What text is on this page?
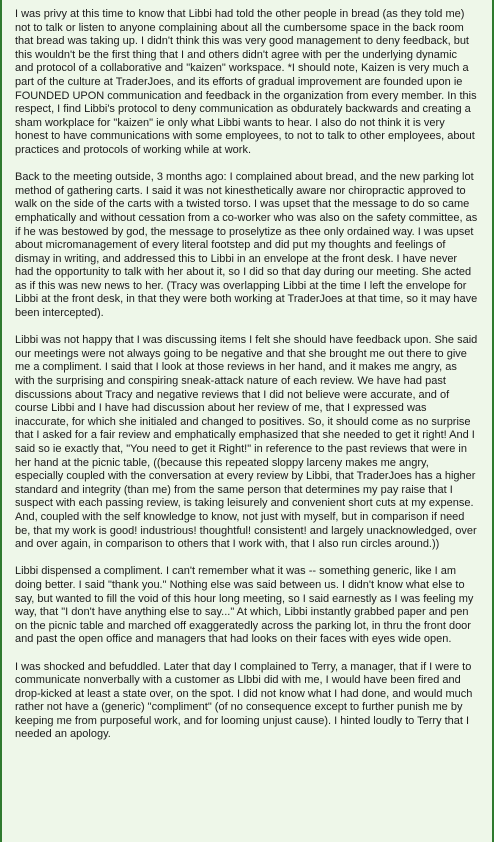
I was privy at this time to know that Libbi had told the other people in bread (as they told me) not to talk or listen to anyone complaining about all the cumbersome space in the back room that bread was taking up. I didn't think this was very good management to deny feedback, but this wouldn't be the first thing that I and others didn't agree with per the underlying dynamic and protocol of a collaborative and "kaizen" workspace. *I should note, Kaizen is very much a part of the culture at TraderJoes, and its efforts of gradual improvement are founded upon ie FOUNDED UPON communication and feedback in the organization from every member. In this respect, I find Libbi's protocol to deny communication as obdurately backwards and creating a sham workplace for "kaizen" ie only what Libbi wants to hear. I also do not think it is very honest to have communications with some employees, to not to talk to other employees, about practices and protocols of working while at work.

Back to the meeting outside, 3 months ago: I complained about bread, and the new parking lot method of gathering carts. I said it was not kinesthetically aware nor chiropractic approved to walk on the side of the carts with a twisted torso. I was upset that the message to do so came emphatically and without cessation from a co-worker who was also on the safety committee, as if he was bestowed by god, the message to proselytize as thee only ordained way. I was upset about micromanagement of every literal footstep and did put my thoughts and feelings of dismay in writing, and addressed this to Libbi in an envelope at the front desk. I have never had the opportunity to talk with her about it, so I did so that day during our meeting. She acted as if this was new news to her. (Tracy was overlapping Libbi at the time I left the envelope for Libbi at the front desk, in that they were both working at TraderJoes at that time, so it may have been intercepted).

Libbi was not happy that I was discussing items I felt she should have feedback upon. She said our meetings were not always going to be negative and that she brought me out there to give me a compliment. I said that I look at those reviews in her hand, and it makes me angry, as with the surprising and conspiring sneak-attack nature of each review. We have had past discussions about Tracy and negative reviews that I did not believe were accurate, and of course Libbi and I have had discussion about her review of me, that I expressed was inaccurate, for which she initialed and changed to positives. So, it should come as no surprise that I asked for a fair review and emphatically emphasized that she needed to get it right! And I said so ie exactly that, "You need to get it Right!" in reference to the past reviews that were in her hand at the picnic table, ((because this repeated sloppy larceny makes me angry, especially coupled with the conversation at every review by Libbi, that TraderJoes has a higher standard and integrity (than me) from the same person that determines my pay raise that I suspect with each passing review, is taking leisurely and convenient short cuts at my expense. And, coupled with the self knowledge to know, not just with myself, but in comparison if need be, that my work is good! industrious! thoughtful! consistent! and largely unacknowledged, over and over again, in comparison to others that I work with, that I also run circles around.))

Libbi dispensed a compliment. I can't remember what it was -- something generic, like I am doing better. I said "thank you." Nothing else was said between us. I didn't know what else to say, but wanted to fill the void of this hour long meeting, so I said earnestly as I was feeling my way, that "I don't have anything else to say..." At which, Libbi instantly grabbed paper and pen on the picnic table and marched off exaggeratedly across the parking lot, in thru the front door and past the open office and managers that had looks on their faces with eyes wide open.

I was shocked and befuddled. Later that day I complained to Terry, a manager, that if I were to communicate nonverbally with a customer as Llbbi did with me, I would have been fired and drop-kicked at least a state over, on the spot. I did not know what I had done, and would much rather not have a (generic) "compliment" (of no consequence except to further punish me by keeping me from purposeful work, and for looming unjust cause). I hinted loudly to Terry that I needed an apology.
